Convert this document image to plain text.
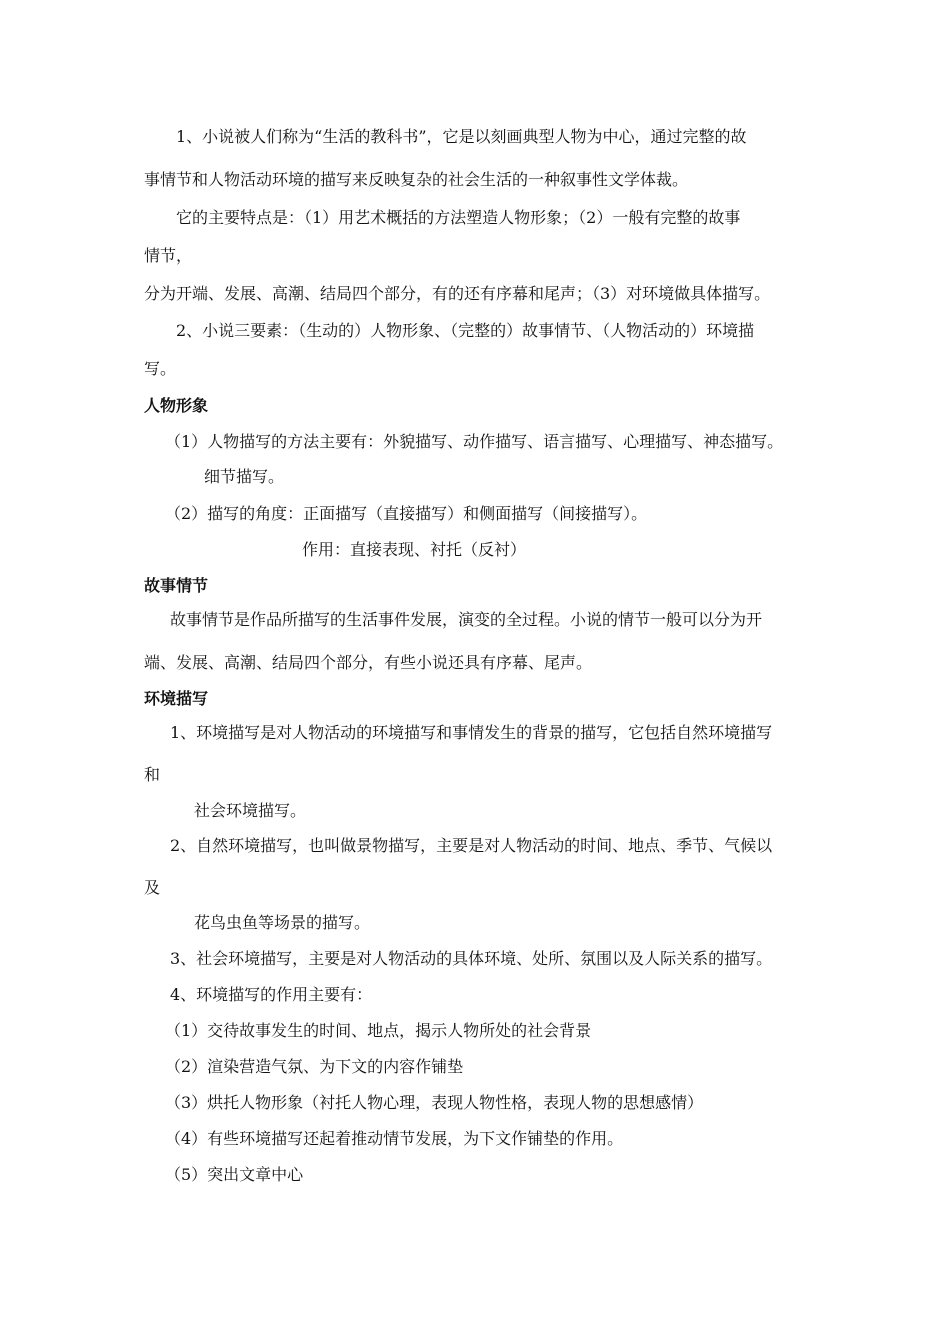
1、小说被人们称为“生活的教科书”，它是以刻画典型人物为中心，通过完整的故
事情节和人物活动环境的描写来反映复杂的社会生活的一种叙事性文学体裁。
它的主要特点是：（1）用艺术概括的方法塑造人物形象；（2）一般有完整的故事
情节，
分为开端、发展、高潮、结局四个部分，有的还有序幕和尾声；（3）对环境做具体描写。
2、小说三要素：（生动的）人物形象、（完整的）故事情节、（人物活动的）环境描
写。
人物形象
（1）人物描写的方法主要有：外貌描写、动作描写、语言描写、心理描写、神态描写。
细节描写。
（2）描写的角度：正面描写（直接描写）和侧面描写（间接描写）。
作用：直接表现、衬托（反衬）
故事情节
故事情节是作品所描写的生活事件发展，演变的全过程。小说的情节一般可以分为开
端、发展、高潮、结局四个部分，有些小说还具有序幕、尾声。
环境描写
1、环境描写是对人物活动的环境描写和事情发生的背景的描写，它包括自然环境描写
和
社会环境描写。
2、自然环境描写，也叫做景物描写，主要是对人物活动的时间、地点、季节、气候以
及
花鸟虫鱼等场景的描写。
3、社会环境描写，主要是对人物活动的具体环境、处所、氛围以及人际关系的描写。
4、环境描写的作用主要有：
（1）交待故事发生的时间、地点，揭示人物所处的社会背景
（2）渲染营造气氛、为下文的内容作铺垫
（3）烘托人物形象（衬托人物心理，表现人物性格，表现人物的思想感情）
（4）有些环境描写还起着推动情节发展，为下文作铺垫的作用。
（5）突出文章中心
